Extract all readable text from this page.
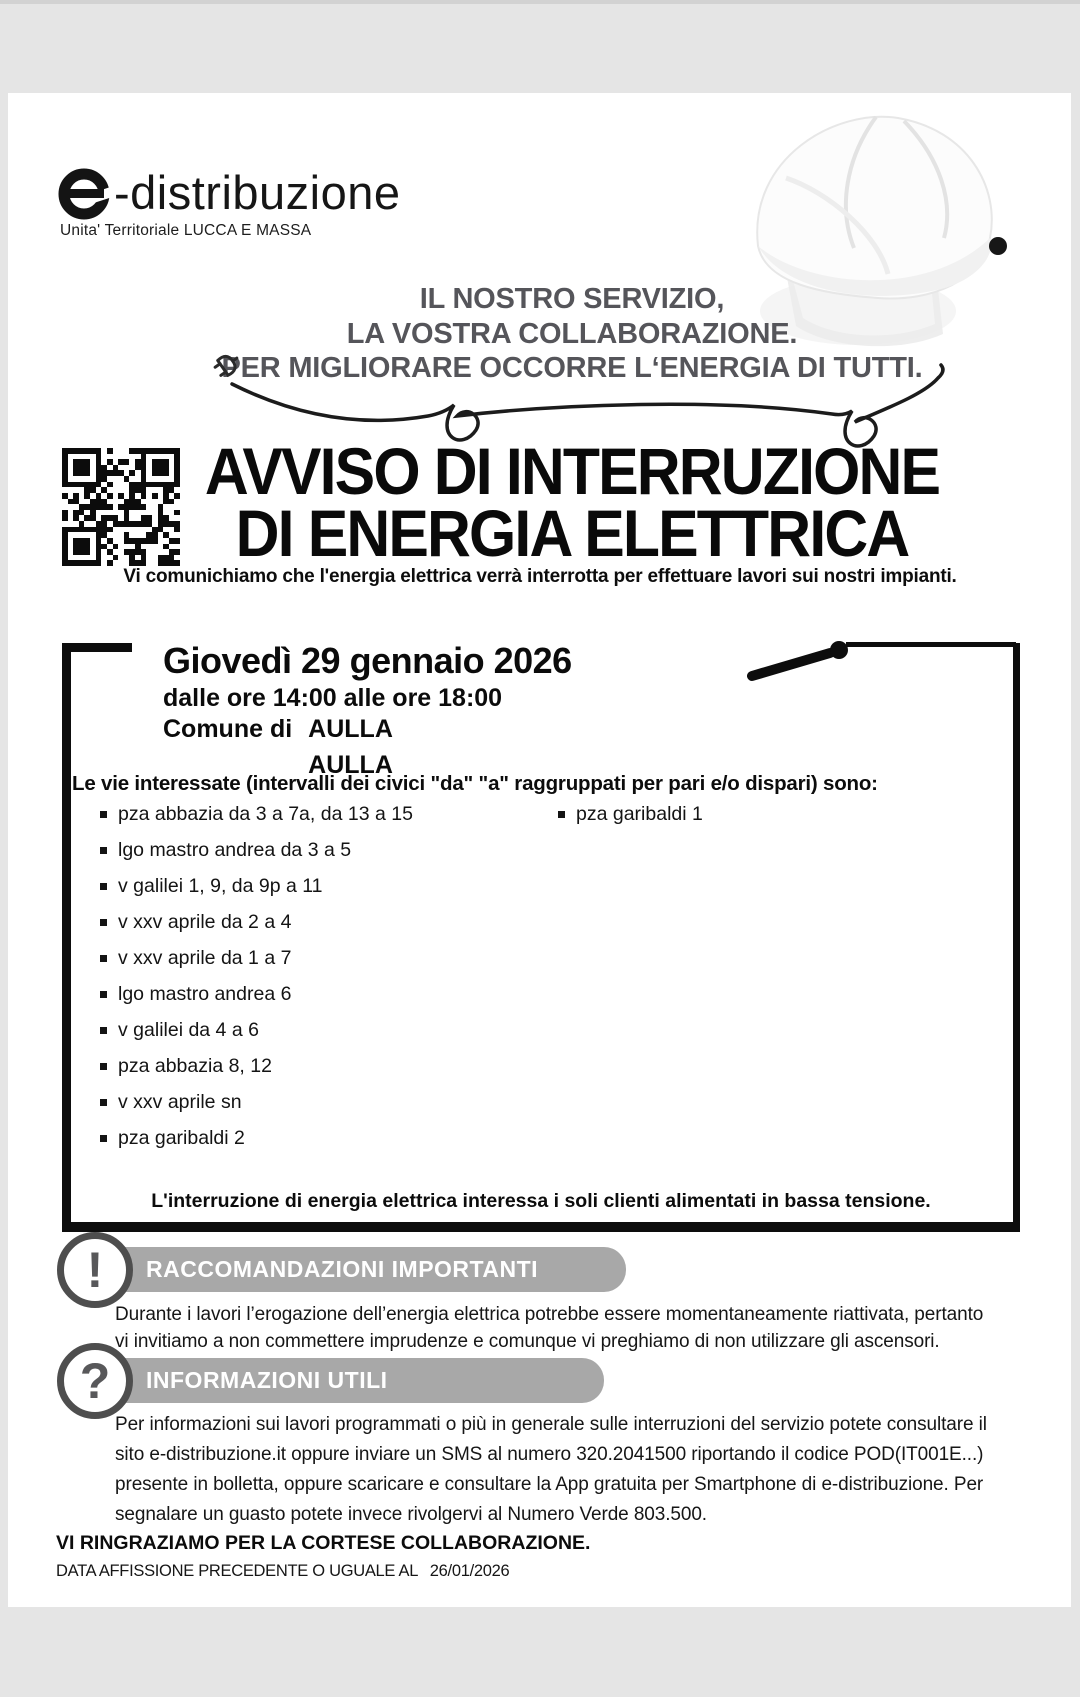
-distribuzione
Unita' Territoriale LUCCA E MASSA
IL NOSTRO SERVIZIO,
LA VOSTRA COLLABORAZIONE.
PER MIGLIORARE OCCORRE L‘ENERGIA DI TUTTI.
AVVISO DI INTERRUZIONE
DI ENERGIA ELETTRICA
Vi comunichiamo che l'energia elettrica verrà interrotta per effettuare lavori sui nostri impianti.
Giovedì 29 gennaio 2026
dalle ore 14:00 alle ore 18:00
Comune di AULLA
AULLA
Le vie interessate (intervalli dei civici "da" "a" raggruppati per pari e/o dispari) sono:
pza abbazia da 3 a 7a, da 13 a 15
lgo mastro andrea da 3 a 5
v galilei 1, 9, da 9p a 11
v xxv aprile da 2 a 4
v xxv aprile da 1 a 7
lgo mastro andrea 6
v galilei da 4 a 6
pza abbazia 8, 12
v xxv aprile sn
pza garibaldi 2
pza garibaldi 1
L'interruzione di energia elettrica interessa i soli clienti alimentati in bassa tensione.
RACCOMANDAZIONI IMPORTANTI
!
Durante i lavori l’erogazione dell’energia elettrica potrebbe essere momentaneamente riattivata, pertanto vi invitiamo a non commettere imprudenze e comunque vi preghiamo di non utilizzare gli ascensori.
INFORMAZIONI UTILI
?
Per informazioni sui lavori programmati o più in generale sulle interruzioni del servizio potete consultare il sito e-distribuzione.it oppure inviare un SMS al numero 320.2041500 riportando il codice POD(IT001E...) presente in bolletta, oppure scaricare e consultare la App gratuita per Smartphone di e-distribuzione. Per segnalare un guasto potete invece rivolgervi al Numero Verde 803.500.
VI RINGRAZIAMO PER LA CORTESE COLLABORAZIONE.
DATA AFFISSIONE PRECEDENTE O UGUALE AL 26/01/2026
